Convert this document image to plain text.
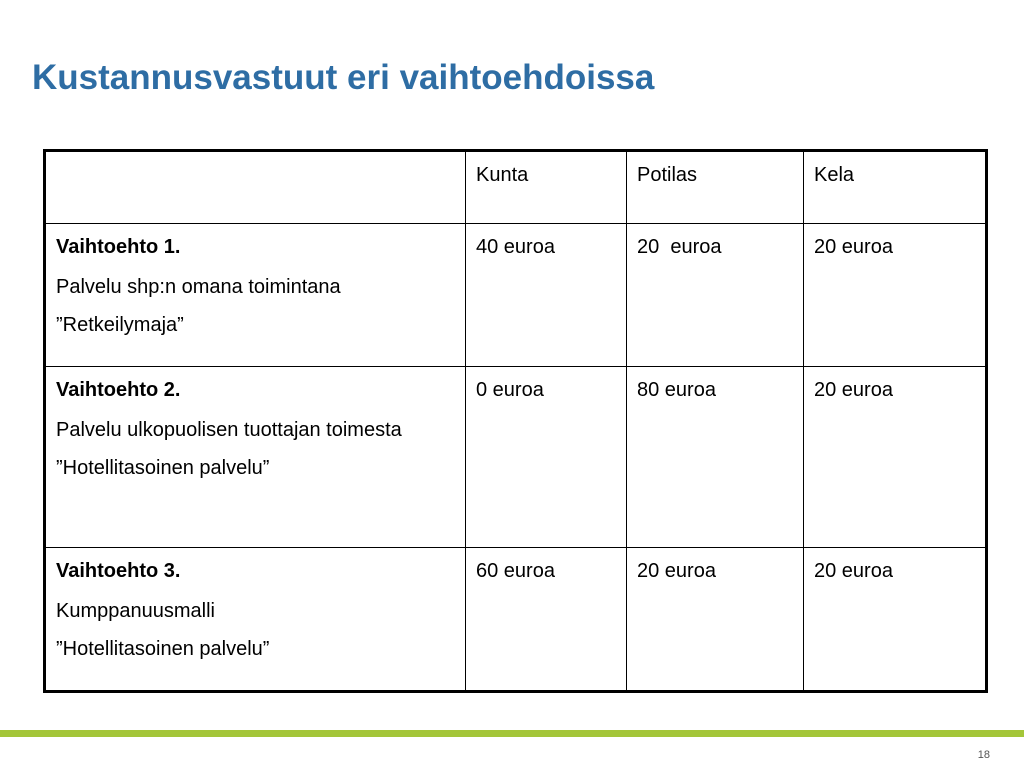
Kustannusvastuut eri vaihtoehdoissa
	Kunta	Potilas	Kela

Vaihtoehto 1.
Palvelu shp:n omana toimintana
”Retkeilymaja”	40 euroa	20  euroa	20 euroa

Vaihtoehto 2.
Palvelu ulkopuolisen tuottajan toimesta
”Hotellitasoinen palvelu”	0 euroa	80 euroa	20 euroa

Vaihtoehto 3.
Kumppanuusmalli
”Hotellitasoinen palvelu”	60 euroa	20 euroa	20 euroa
18
